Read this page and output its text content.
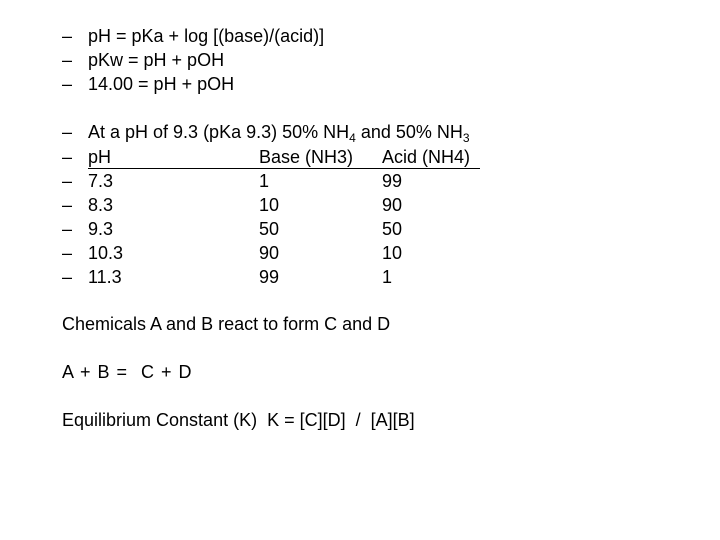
– pH = pKa + log [(base)/(acid)]
– pKw = pH + pOH
– 14.00 = pH + pOH
– At a pH of 9.3 (pKa 9.3) 50% $NH_4$ and 50% $NH_3$
– pH	Base (NH3) Acid (NH4)
– 7.3	1	99
– 8.3	10	90
– 9.3	50	50
– 10.3	90	10
– 11.3	99	1
Chemicals A and B react to form C and D
A + B =  C + D
Equilibrium Constant (K)  K = [C][D]  /  [A][B]
